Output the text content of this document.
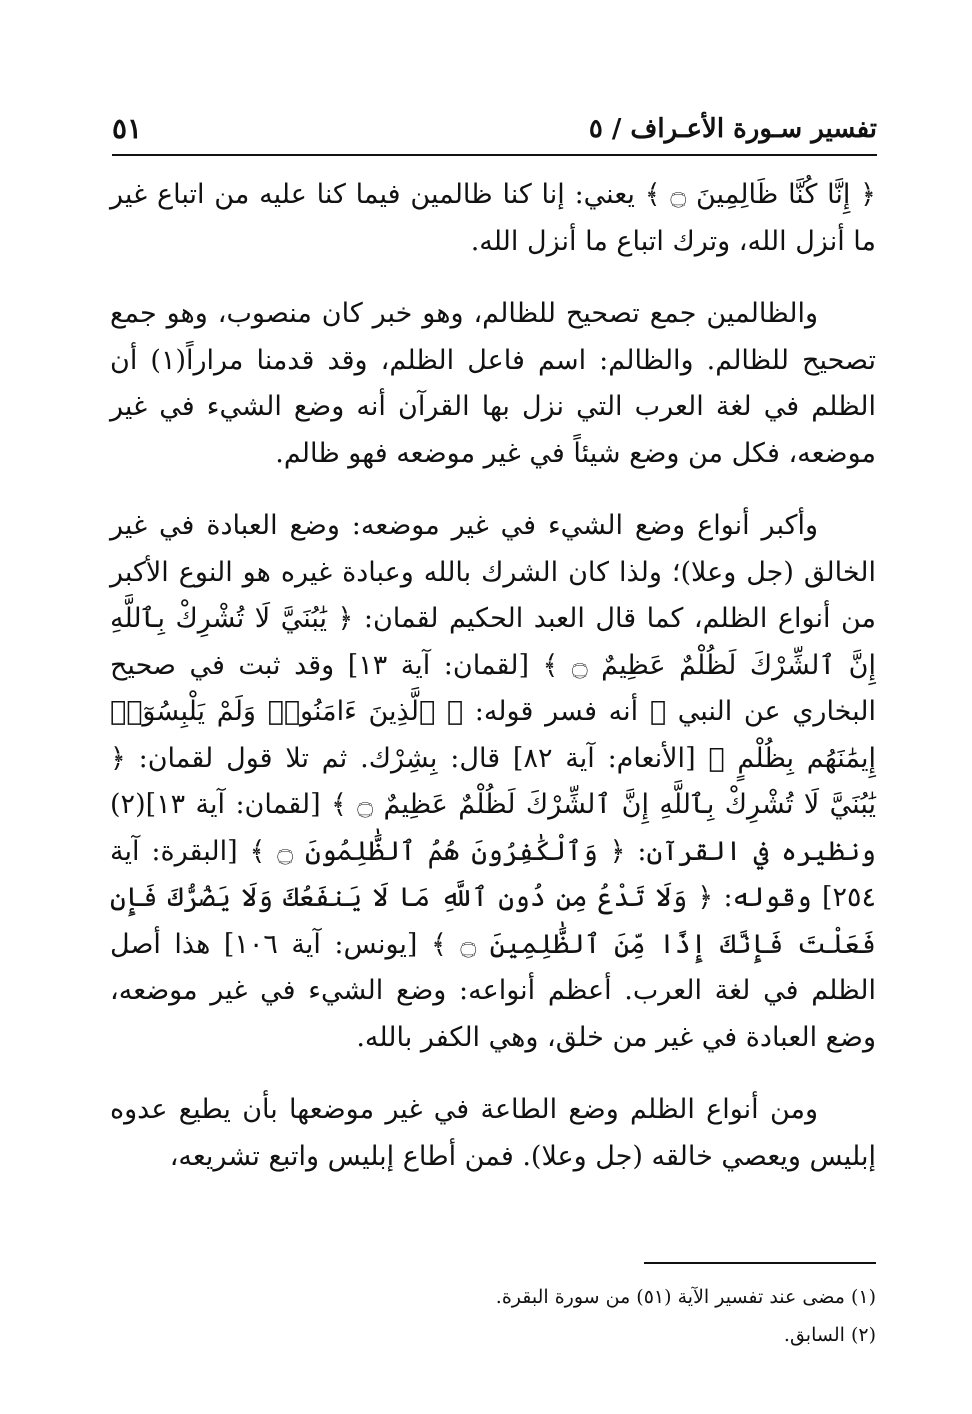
٥١	تفسير سـورة الأعـراف / ٥

﴿ إِنَّا كُنَّا ظَالِمِينَ ۝ ﴾ يعني: إنا كنا ظالمين فيما كنا عليه من اتباع غير ما أنزل الله، وترك اتباع ما أنزل الله.

والظالمين جمع تصحيح للظالم، وهو خبر كان منصوب، وهو جمع تصحيح للظالم. والظالم: اسم فاعل الظلم، وقد قدمنا مراراً(١) أن الظلم في لغة العرب التي نزل بها القرآن أنه وضع الشيء في غير موضعه، فكل من وضع شيئاً في غير موضعه فهو ظالم.

وأكبر أنواع وضع الشيء في غير موضعه: وضع العبادة في غير الخالق (جل وعلا)؛ ولذا كان الشرك بالله وعبادة غيره هو النوع الأكبر من أنواع الظلم، كما قال العبد الحكيم لقمان: ﴿ يَٰبُنَيَّ لَا تُشْرِكْ بِٱللَّهِ إِنَّ ٱلشِّرْكَ لَظُلْمٌ عَظِيمٌ ۝ ﴾ [لقمان: آية ١٣] وقد ثبت في صحيح البخاري عن النبي ﷺ أنه فسر قوله: ﴿ ٱلَّذِينَ ءَامَنُوا۟ وَلَمْ يَلْبِسُوٓا۟ إِيمَٰنَهُم بِظُلْمٍ ﴾ [الأنعام: آية ٨٢] قال: بِشِرْك. ثم تلا قول لقمان: ﴿ يَٰبُنَيَّ لَا تُشْرِكْ بِٱللَّهِ إِنَّ ٱلشِّرْكَ لَظُلْمٌ عَظِيمٌ ۝ ﴾ [لقمان: آية ١٣](٢) ونظيره في القرآن: ﴿ وَٱلْكَٰفِرُونَ هُمُ ٱلظَّٰلِمُونَ ۝ ﴾ [البقرة: آية ٢٥٤] وقوله: ﴿ وَلَا تَدْعُ مِن دُونِ ٱللَّهِ مَا لَا يَنفَعُكَ وَلَا يَضُرُّكَ فَإِن فَعَلْتَ فَإِنَّكَ إِذًا مِّنَ ٱلظَّٰلِمِينَ ۝ ﴾ [يونس: آية ١٠٦] هذا أصل الظلم في لغة العرب. أعظم أنواعه: وضع الشيء في غير موضعه، وضع العبادة في غير من خلق، وهي الكفر بالله.

ومن أنواع الظلم وضع الطاعة في غير موضعها بأن يطيع عدوه إبليس ويعصي خالقه (جل وعلا). فمن أطاع إبليس واتبع تشريعه،

(١) مضى عند تفسير الآية (٥١) من سورة البقرة.
(٢) السابق.
